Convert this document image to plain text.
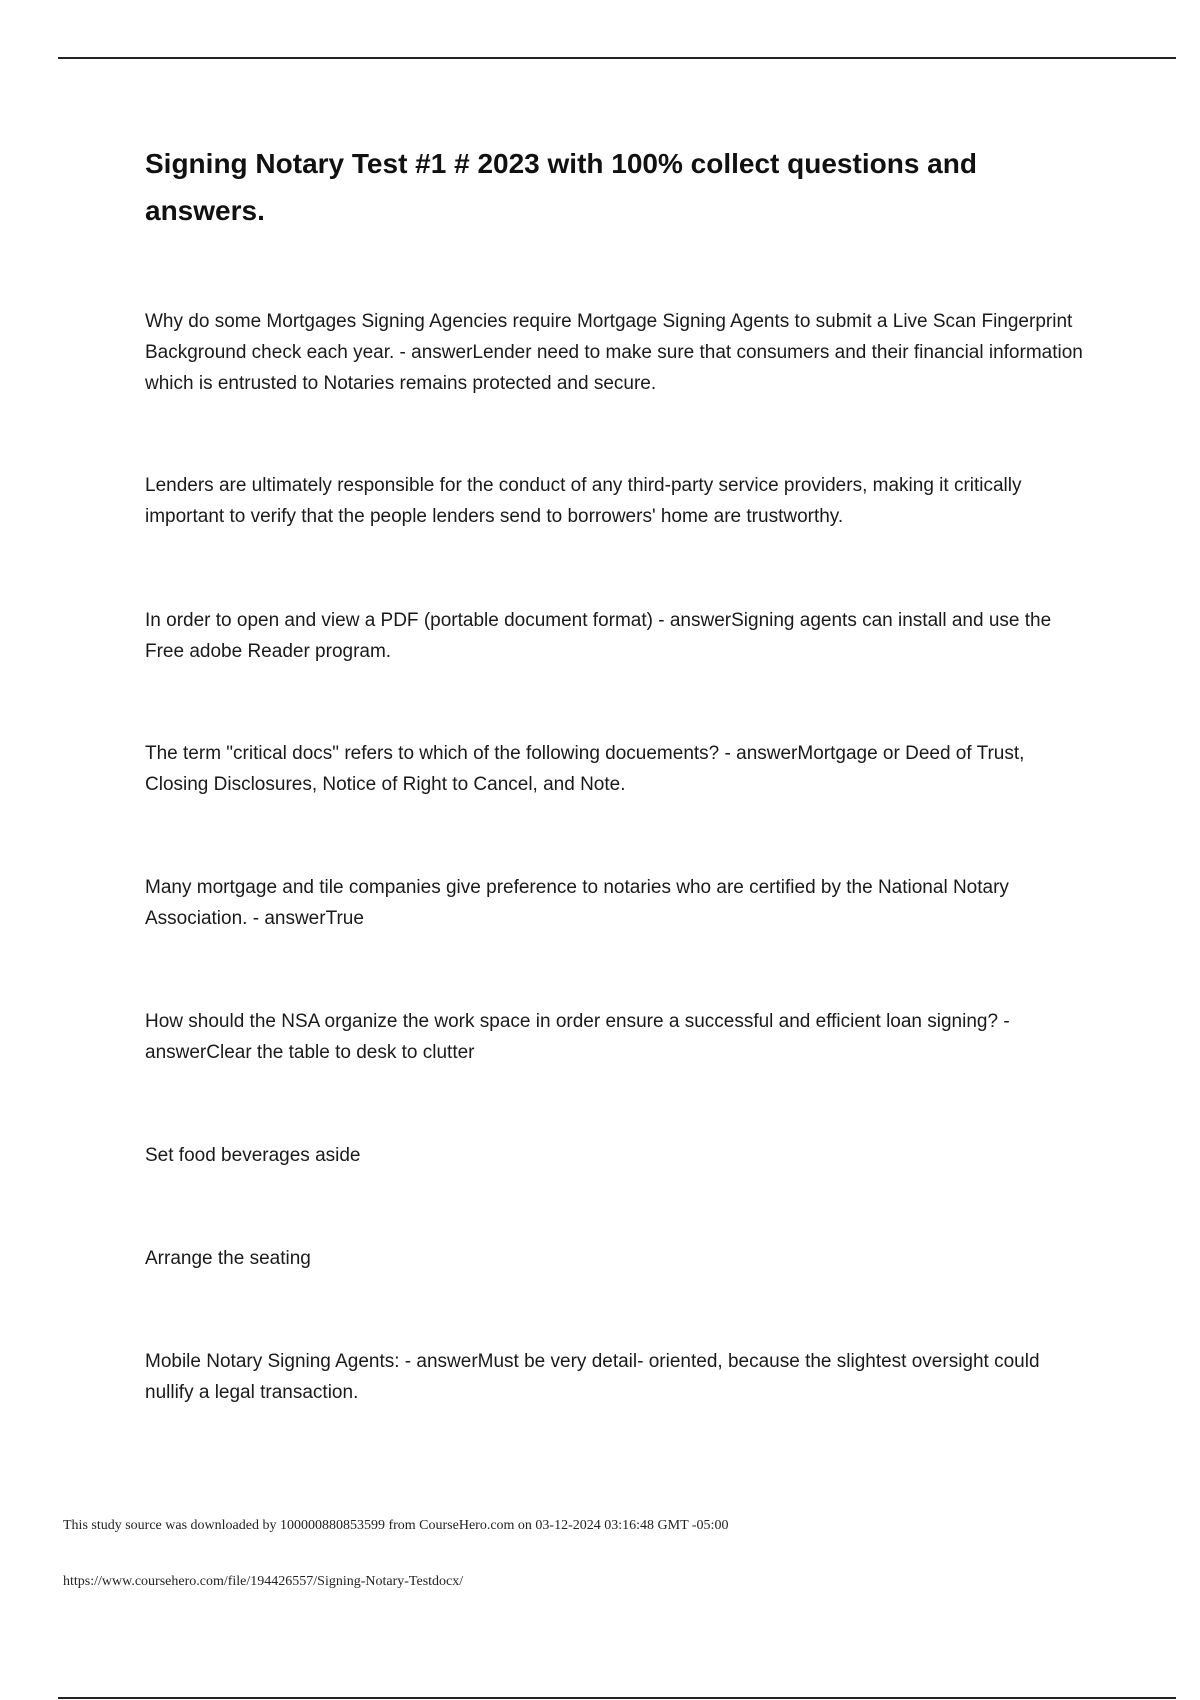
Signing Notary Test #1 # 2023 with 100% collect questions and answers.

Why do some Mortgages Signing Agencies require Mortgage Signing Agents to submit a Live Scan Fingerprint Background check each year. - answerLender need to make sure that consumers and their financial information which is entrusted to Notaries remains protected and secure.

Lenders are ultimately responsible for the conduct of any third-party service providers, making it critically important to verify that the people lenders send to borrowers' home are trustworthy.

In order to open and view a PDF (portable document format) - answerSigning agents can install and use the Free adobe Reader program.

The term "critical docs" refers to which of the following docuements? - answerMortgage or Deed of Trust, Closing Disclosures, Notice of Right to Cancel, and Note.

Many mortgage and tile companies give preference to notaries who are certified by the National Notary Association. - answerTrue

How should the NSA organize the work space in order ensure a successful and efficient loan signing? - answerClear the table to desk to clutter

Set food beverages aside

Arrange the seating

Mobile Notary Signing Agents: - answerMust be very detail- oriented, because the slightest oversight could nullify a legal transaction.

This study source was downloaded by 100000880853599 from CourseHero.com on 03-12-2024 03:16:48 GMT -05:00

https://www.coursehero.com/file/194426557/Signing-Notary-Testdocx/
